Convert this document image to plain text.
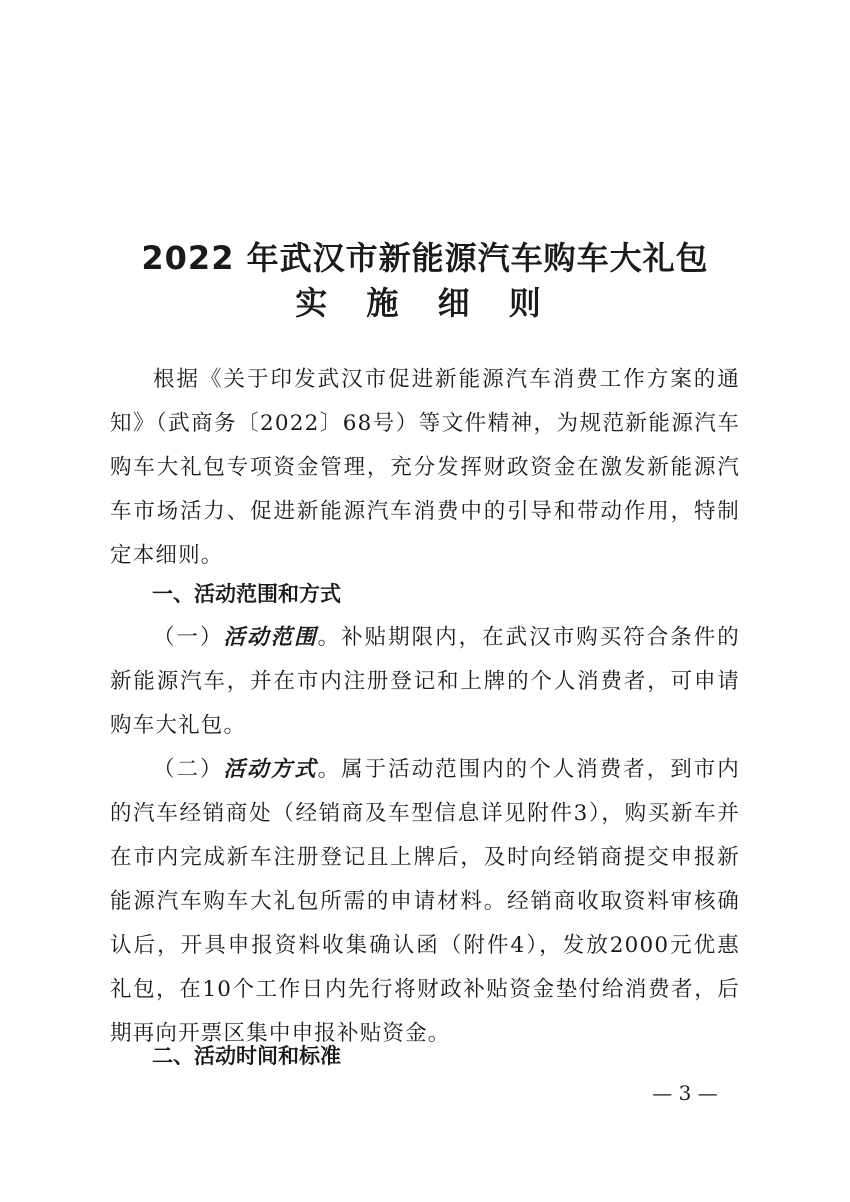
2022 年武汉市新能源汽车购车大礼包
实 施 细 则

根据《关于印发武汉市促进新能源汽车消费工作方案的通知》（武商务〔2022〕68号）等文件精神，为规范新能源汽车购车大礼包专项资金管理，充分发挥财政资金在激发新能源汽车市场活力、促进新能源汽车消费中的引导和带动作用，特制定本细则。

一、活动范围和方式

（一）活动范围。补贴期限内，在武汉市购买符合条件的新能源汽车，并在市内注册登记和上牌的个人消费者，可申请购车大礼包。

（二）活动方式。属于活动范围内的个人消费者，到市内的汽车经销商处（经销商及车型信息详见附件3），购买新车并在市内完成新车注册登记且上牌后，及时向经销商提交申报新能源汽车购车大礼包所需的申请材料。经销商收取资料审核确认后，开具申报资料收集确认函（附件4），发放2000元优惠礼包，在10个工作日内先行将财政补贴资金垫付给消费者，后期再向开票区集中申报补贴资金。

二、活动时间和标准
— 3 —
